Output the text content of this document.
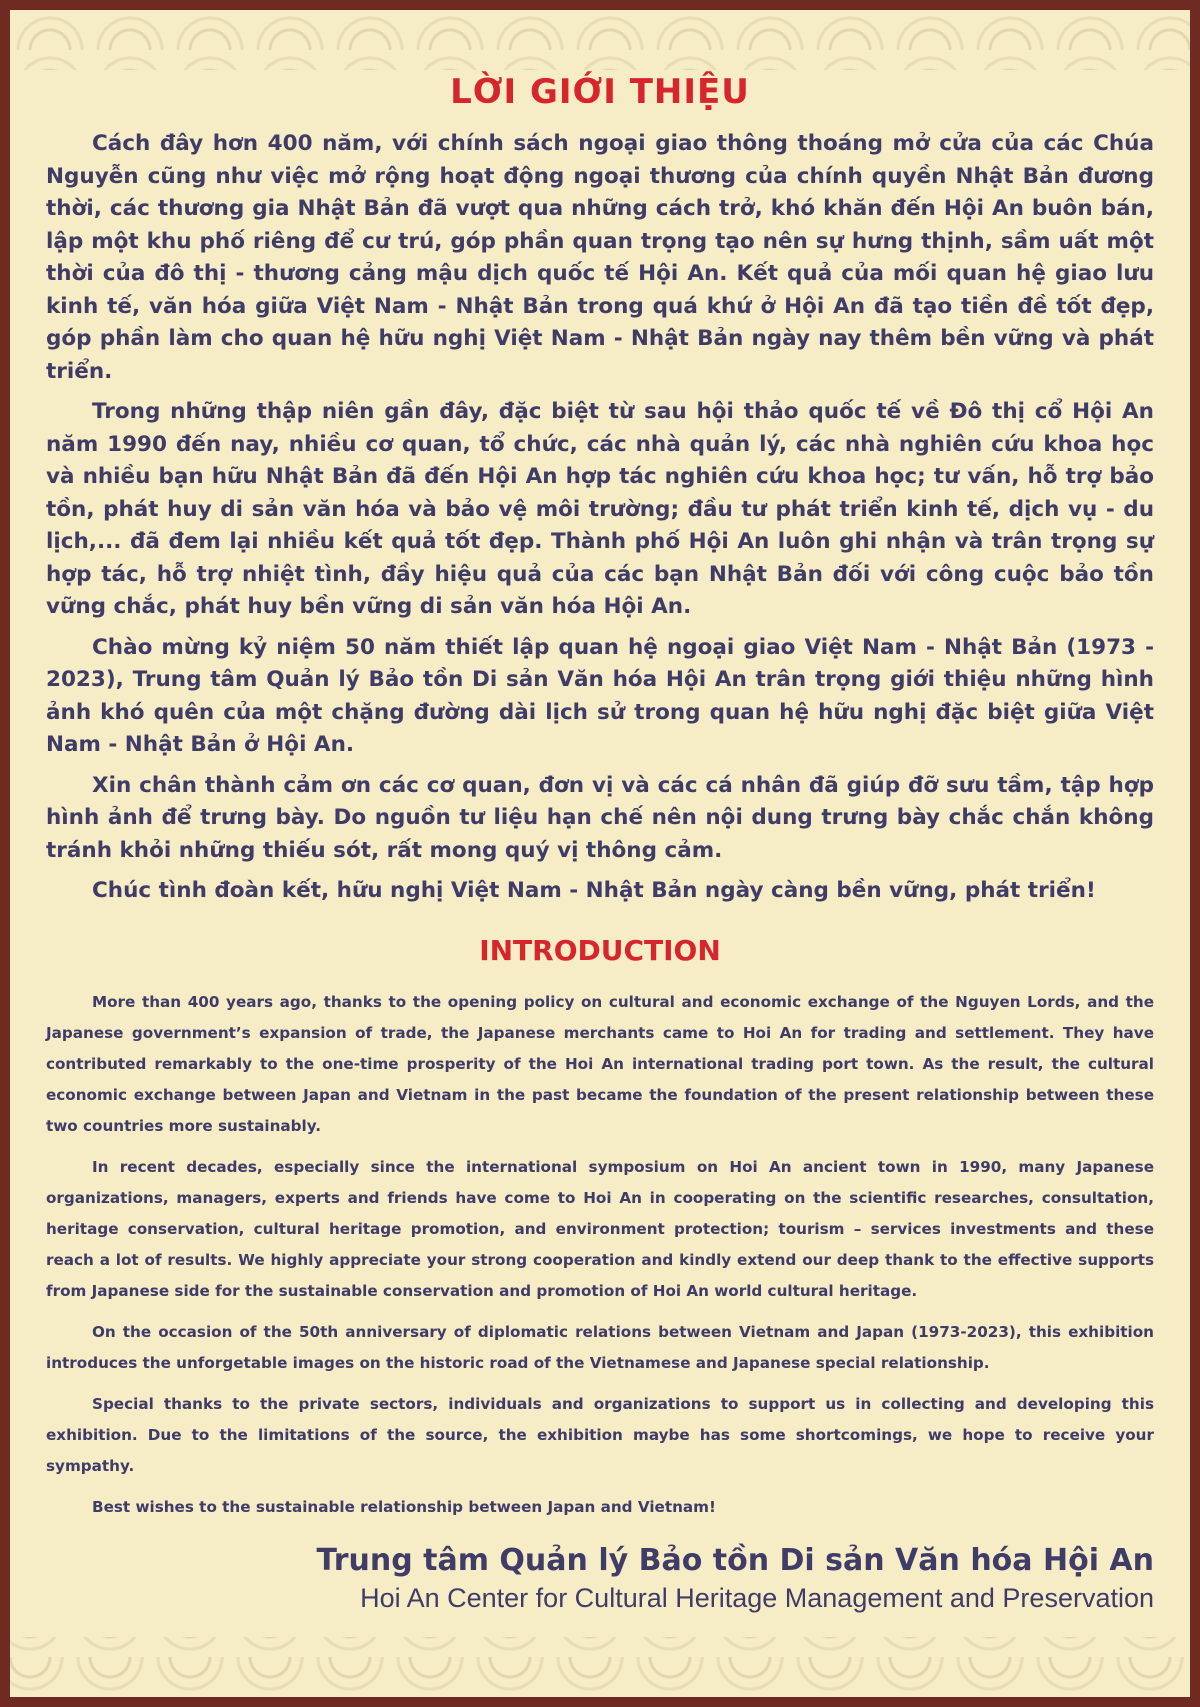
LỜI GIỚI THIỆU

Cách đây hơn 400 năm, với chính sách ngoại giao thông thoáng mở cửa của các Chúa Nguyễn cũng như việc mở rộng hoạt động ngoại thương của chính quyền Nhật Bản đương thời, các thương gia Nhật Bản đã vượt qua những cách trở, khó khăn đến Hội An buôn bán, lập một khu phố riêng để cư trú, góp phần quan trọng tạo nên sự hưng thịnh, sầm uất một thời của đô thị - thương cảng mậu dịch quốc tế Hội An. Kết quả của mối quan hệ giao lưu kinh tế, văn hóa giữa Việt Nam - Nhật Bản trong quá khứ ở Hội An đã tạo tiền đề tốt đẹp, góp phần làm cho quan hệ hữu nghị Việt Nam - Nhật Bản ngày nay thêm bền vững và phát triển.

Trong những thập niên gần đây, đặc biệt từ sau hội thảo quốc tế về Đô thị cổ Hội An năm 1990 đến nay, nhiều cơ quan, tổ chức, các nhà quản lý, các nhà nghiên cứu khoa học và nhiều bạn hữu Nhật Bản đã đến Hội An hợp tác nghiên cứu khoa học; tư vấn, hỗ trợ bảo tồn, phát huy di sản văn hóa và bảo vệ môi trường; đầu tư phát triển kinh tế, dịch vụ - du lịch,... đã đem lại nhiều kết quả tốt đẹp. Thành phố Hội An luôn ghi nhận và trân trọng sự hợp tác, hỗ trợ nhiệt tình, đầy hiệu quả của các bạn Nhật Bản đối với công cuộc bảo tồn vững chắc, phát huy bền vững di sản văn hóa Hội An.

Chào mừng kỷ niệm 50 năm thiết lập quan hệ ngoại giao Việt Nam - Nhật Bản (1973 - 2023), Trung tâm Quản lý Bảo tồn Di sản Văn hóa Hội An trân trọng giới thiệu những hình ảnh khó quên của một chặng đường dài lịch sử trong quan hệ hữu nghị đặc biệt giữa Việt Nam - Nhật Bản ở Hội An.

Xin chân thành cảm ơn các cơ quan, đơn vị và các cá nhân đã giúp đỡ sưu tầm, tập hợp hình ảnh để trưng bày. Do nguồn tư liệu hạn chế nên nội dung trưng bày chắc chắn không tránh khỏi những thiếu sót, rất mong quý vị thông cảm.

Chúc tình đoàn kết, hữu nghị Việt Nam - Nhật Bản ngày càng bền vững, phát triển!

INTRODUCTION

More than 400 years ago, thanks to the opening policy on cultural and economic exchange of the Nguyen Lords, and the Japanese government’s expansion of trade, the Japanese merchants came to Hoi An for trading and settlement. They have contributed remarkably to the one-time prosperity of the Hoi An international trading port town. As the result, the cultural economic exchange between Japan and Vietnam in the past became the foundation of the present relationship between these two countries more sustainably.

In recent decades, especially since the international symposium on Hoi An ancient town in 1990, many Japanese organizations, managers, experts and friends have come to Hoi An in cooperating on the scientific researches, consultation, heritage conservation, cultural heritage promotion, and environment protection; tourism – services investments and these reach a lot of results. We highly appreciate your strong cooperation and kindly extend our deep thank to the effective supports from Japanese side for the sustainable conservation and promotion of Hoi An world cultural heritage.

On the occasion of the 50th anniversary of diplomatic relations between Vietnam and Japan (1973-2023), this exhibition introduces the unforgetable images on the historic road of the Vietnamese and Japanese special relationship.

Special thanks to the private sectors, individuals and organizations to support us in collecting and developing this exhibition. Due to the limitations of the source, the exhibition maybe has some shortcomings, we hope to receive your sympathy.

Best wishes to the sustainable relationship between Japan and Vietnam!

Trung tâm Quản lý Bảo tồn Di sản Văn hóa Hội An
Hoi An Center for Cultural Heritage Management and Preservation
